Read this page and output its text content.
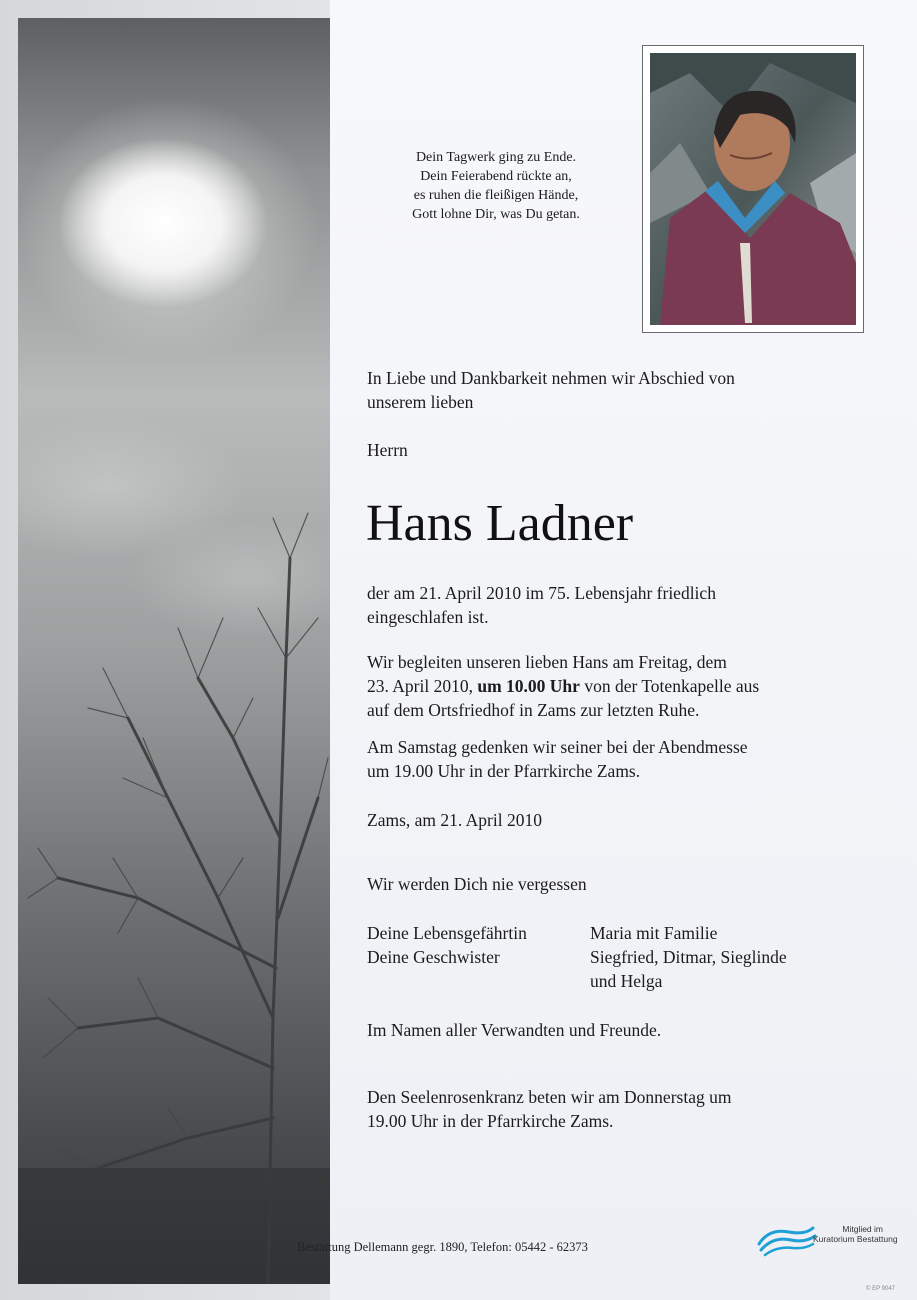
Dein Tagwerk ging zu Ende.
Dein Feierabend rückte an,
es ruhen die fleißigen Hände,
Gott lohne Dir, was Du getan.
In Liebe und Dankbarkeit nehmen wir Abschied von
unserem lieben
Herrn
Hans Ladner
der am 21. April 2010 im 75. Lebensjahr friedlich
eingeschlafen ist.
Wir begleiten unseren lieben Hans am Freitag, dem
23. April 2010, um 10.00 Uhr von der Totenkapelle aus
auf dem Ortsfriedhof in Zams zur letzten Ruhe.
Am Samstag gedenken wir seiner bei der Abendmesse
um 19.00 Uhr in der Pfarrkirche Zams.
Zams, am 21. April 2010
Wir werden Dich nie vergessen
Deine Lebensgefährtin
Deine Geschwister
Maria mit Familie
Siegfried, Ditmar, Sieglinde
und Helga
Im Namen aller Verwandten und Freunde.
Den Seelenrosenkranz beten wir am Donnerstag um
19.00 Uhr in der Pfarrkirche Zams.
Bestattung Dellemann gegr. 1890, Telefon: 05442 - 62373
Mitglied im
Kuratorium Bestattung
© EP 9047
